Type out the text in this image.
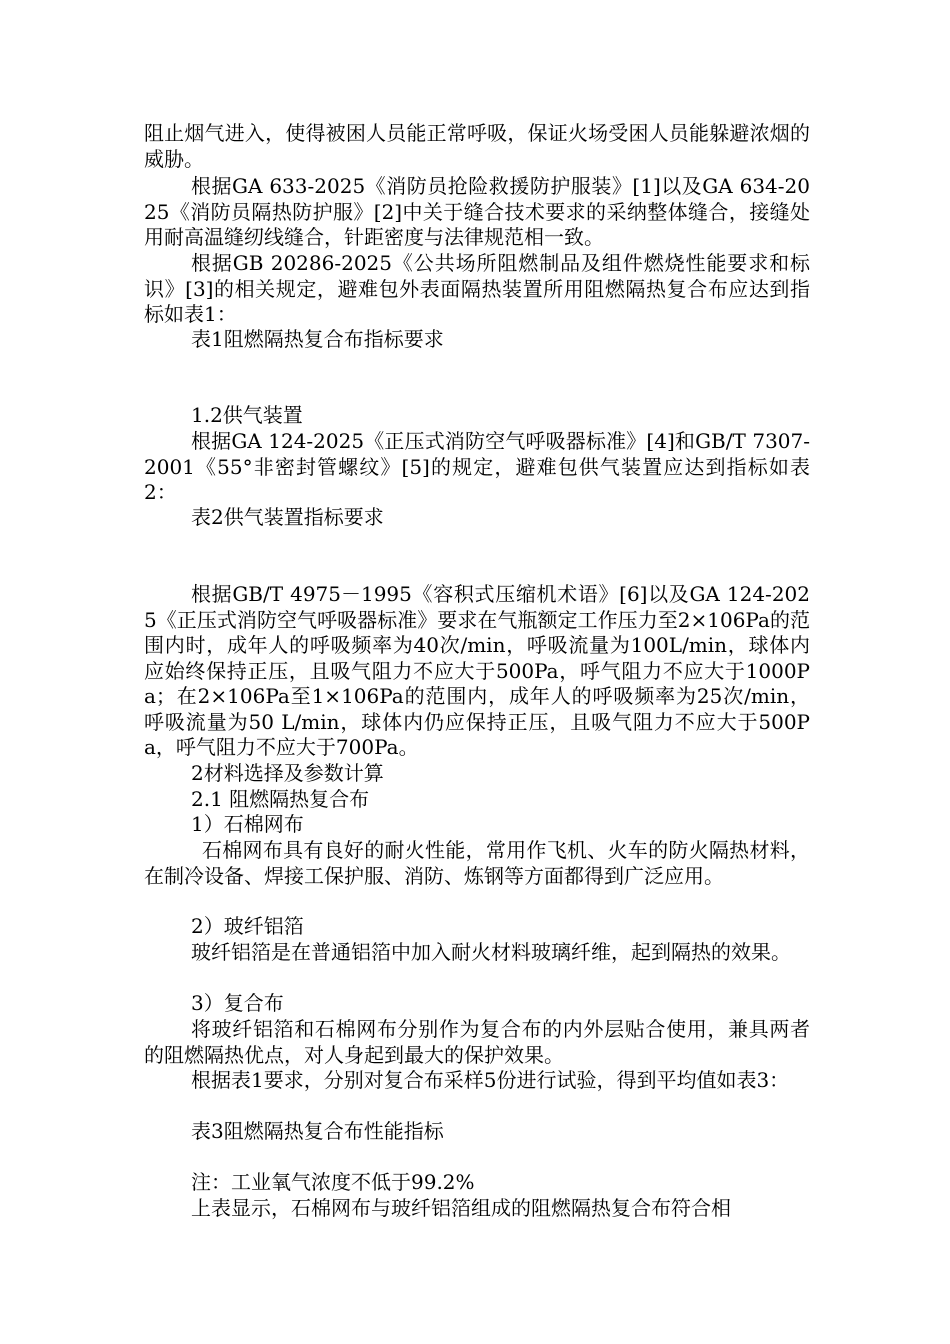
阻止烟气进入，使得被困人员能正常呼吸，保证火场受困人员能躲避浓烟的威胁。

根据GA 633-2025《消防员抢险救援防护服装》[1]以及GA 634-2025《消防员隔热防护服》[2]中关于缝合技术要求的采纳整体缝合，接缝处用耐高温缝纫线缝合，针距密度与法律规范相一致。

根据GB 20286-2025《公共场所阻燃制品及组件燃烧性能要求和标识》[3]的相关规定，避难包外表面隔热装置所用阻燃隔热复合布应达到指标如表1：

表1阻燃隔热复合布指标要求

1.2供气装置

根据GA 124-2025《正压式消防空气呼吸器标准》[4]和GB/T 7307-2001《55°非密封管螺纹》[5]的规定，避难包供气装置应达到指标如表2：

表2供气装置指标要求

根据GB/T 4975－1995《容积式压缩机术语》[6]以及GA 124-2025《正压式消防空气呼吸器标准》要求在气瓶额定工作压力至2×106Pa的范围内时，成年人的呼吸频率为40次/min，呼吸流量为100L/min，球体内应始终保持正压，且吸气阻力不应大于500Pa，呼气阻力不应大于1000Pa；在2×106Pa至1×106Pa的范围内，成年人的呼吸频率为25次/min，呼吸流量为50 L/min，球体内仍应保持正压，且吸气阻力不应大于500Pa，呼气阻力不应大于700Pa。

2材料选择及参数计算

2.1 阻燃隔热复合布

1）石棉网布

石棉网布具有良好的耐火性能，常用作飞机、火车的防火隔热材料，在制冷设备、焊接工保护服、消防、炼钢等方面都得到广泛应用。

2）玻纤铝箔

玻纤铝箔是在普通铝箔中加入耐火材料玻璃纤维，起到隔热的效果。

3）复合布

将玻纤铝箔和石棉网布分别作为复合布的内外层贴合使用，兼具两者的阻燃隔热优点，对人身起到最大的保护效果。

根据表1要求，分别对复合布采样5份进行试验，得到平均值如表3：

表3阻燃隔热复合布性能指标

注：工业氧气浓度不低于99.2%

上表显示，石棉网布与玻纤铝箔组成的阻燃隔热复合布符合相
